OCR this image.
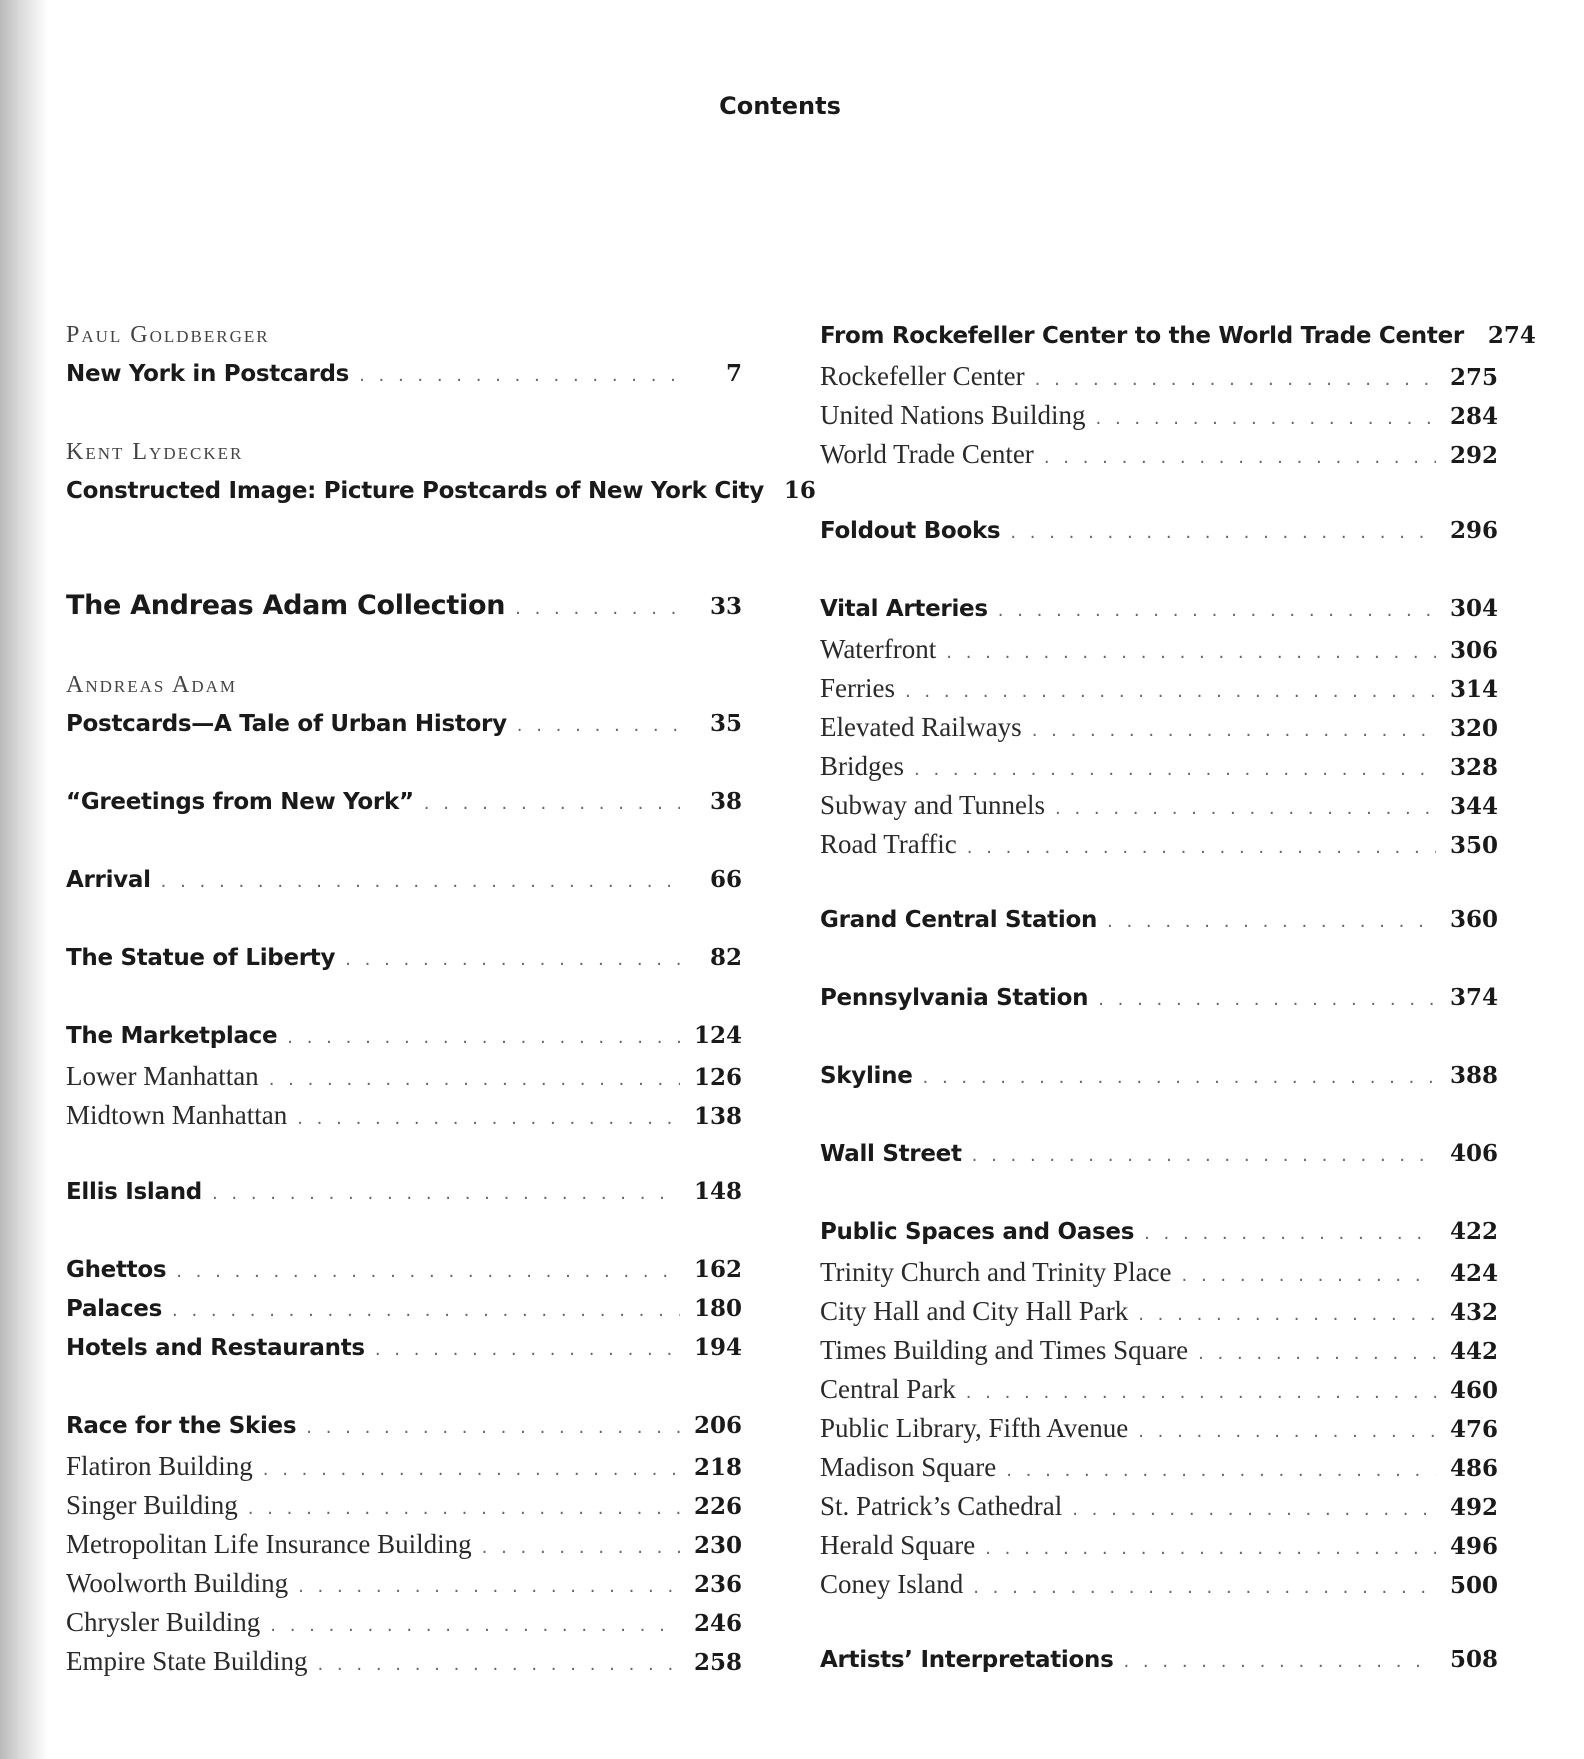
Contents
Paul Goldberger
New York in Postcards . . .	7
Kent Lydecker
Constructed Image: Picture Postcards of New York City 16
The Andreas Adam Collection . . .	33
Andreas Adam
Postcards—A Tale of Urban History . . .	35
“Greetings from New York” . . .	38
Arrival . . .	66
The Statue of Liberty . . .	82
The Marketplace . . .	124
Lower Manhattan . . .	126
Midtown Manhattan . . .	138
Ellis Island . . .	148
Ghettos . . .	162
Palaces . . .	180
Hotels and Restaurants . . .	194
Race for the Skies . . .	206
Flatiron Building . . .	218
Singer Building . . .	226
Metropolitan Life Insurance Building . . .	230
Woolworth Building . . .	236
Chrysler Building . . .	246
Empire State Building . . .	258
From Rockefeller Center to the World Trade Center 274
Rockefeller Center . . .	275
United Nations Building . . .	284
World Trade Center . . .	292
Foldout Books . . .	296
Vital Arteries . . .	304
Waterfront . . .	306
Ferries . . .	314
Elevated Railways . . .	320
Bridges . . .	328
Subway and Tunnels . . .	344
Road Traffic . . .	350
Grand Central Station . . .	360
Pennsylvania Station . . .	374
Skyline . . .	388
Wall Street . . .	406
Public Spaces and Oases . . .	422
Trinity Church and Trinity Place . . .	424
City Hall and City Hall Park . . .	432
Times Building and Times Square . . .	442
Central Park . . .	460
Public Library, Fifth Avenue . . .	476
Madison Square . . .	486
St. Patrick’s Cathedral . . .	492
Herald Square . . .	496
Coney Island . . .	500
Artists’ Interpretations . . .	508
